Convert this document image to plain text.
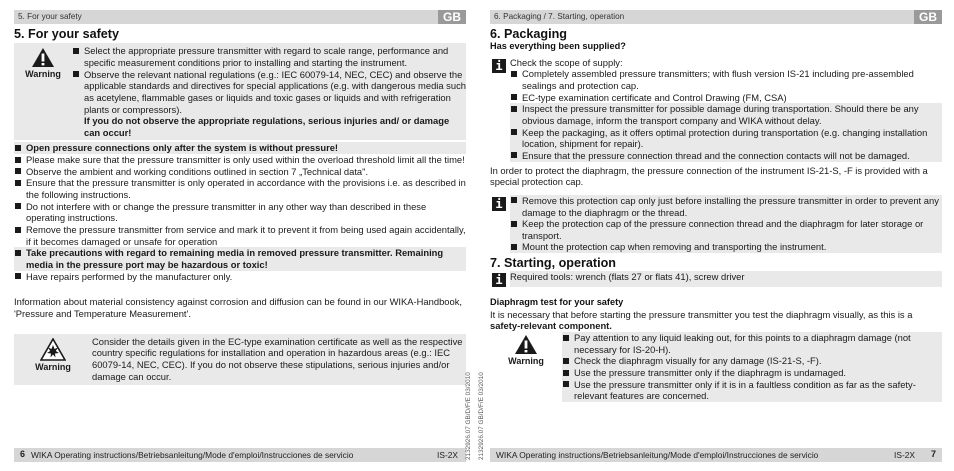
5. For your safety	GB
5. For your safety
Warning
Select the appropriate pressure transmitter with regard to scale range, performance and specific measurement conditions prior to installing and starting the instrument.
Observe the relevant national regulations (e.g.: IEC 60079-14, NEC, CEC) and observe the applicable standards and directives for special applications (e.g. with dangerous media such as acetylene, flammable gases or liquids and toxic gases or liquids and with refrigeration plants or compressors).
If you do not observe the appropriate regulations, serious injuries and/ or damage can occur!
Open pressure connections only after the system is without pressure!
Please make sure that the pressure transmitter is only used within the overload threshold limit all the time!
Observe the ambient and working conditions outlined in section 7 „Technical data".
Ensure that the pressure transmitter is only operated in accordance with the provisions i.e. as described in the following instructions.
Do not interfere with or change the pressure transmitter in any other way than described in these operating instructions.
Remove the pressure transmitter from service and mark it to prevent it from being used again accidentally, if it becomes damaged or unsafe for operation
Take precautions with regard to remaining media in removed pressure transmitter. Remaining media in the pressure port may be hazardous or toxic!
Have repairs performed by the manufacturer only.

Information about material consistency against corrosion and diffusion can be found in our WIKA-Handbook, 'Pressure and Temperature Measurement'.

Warning
Consider the details given in the EC-type examination certificate as well as the respective country specific regulations for installation and operation in hazardous areas (e.g.: IEC 60079-14, NEC, CEC). If you do not observe these stipulations, serious injuries and/or damage can occur.
6 WIKA Operating instructions/Betriebsanleitung/Mode d'emploi/Instrucciones de servicio	IS-2X	2132926.07 GB/D/F/E 03/2010 2132926.07 GB/D/F/E 03/2010
6. Packaging / 7. Starting, operation	GB
6. Packaging
Has everything been supplied?
i Check the scope of supply:
Completely assembled pressure transmitters; with flush version IS-21 including pre-assembled sealings and protection cap.
EC-type examination certificate and Control Drawing (FM, CSA)
Inspect the pressure transmitter for possible damage during transportation. Should there be any obvious damage, inform the transport company and WIKA without delay.
Keep the packaging, as it offers optimal protection during transportation (e.g. changing installation location, shipment for repair).
Ensure that the pressure connection thread and the connection contacts will not be damaged.

In order to protect the diaphragm, the pressure connection of the instrument IS-21-S, -F is provided with a special protection cap.

i	Remove this protection cap only just before installing the pressure transmitter in order to prevent any damage to the diaphragm or the thread.
Keep the protection cap of the pressure connection thread and the diaphragm for later storage or transport.
Mount the protection cap when removing and transporting the instrument.
7. Starting, operation
i Required tools: wrench (flats 27 or flats 41), screw driver
Diaphragm test for your safety

It is necessary that before starting the pressure transmitter you test the diaphragm visually, as this is a safety-relevant component.

Warning
Pay attention to any liquid leaking out, for this points to a diaphragm damage (not necessary for IS-20-H).
Check the diaphragm visually for any damage (IS-21-S, -F).
Use the pressure transmitter only if the diaphragm is undamaged.
Use the pressure transmitter only if it is in a faultless condition as far as the safety-relevant features are concerned.
WIKA Operating instructions/Betriebsanleitung/Mode d'emploi/Instrucciones de servicio	IS-2X	7
